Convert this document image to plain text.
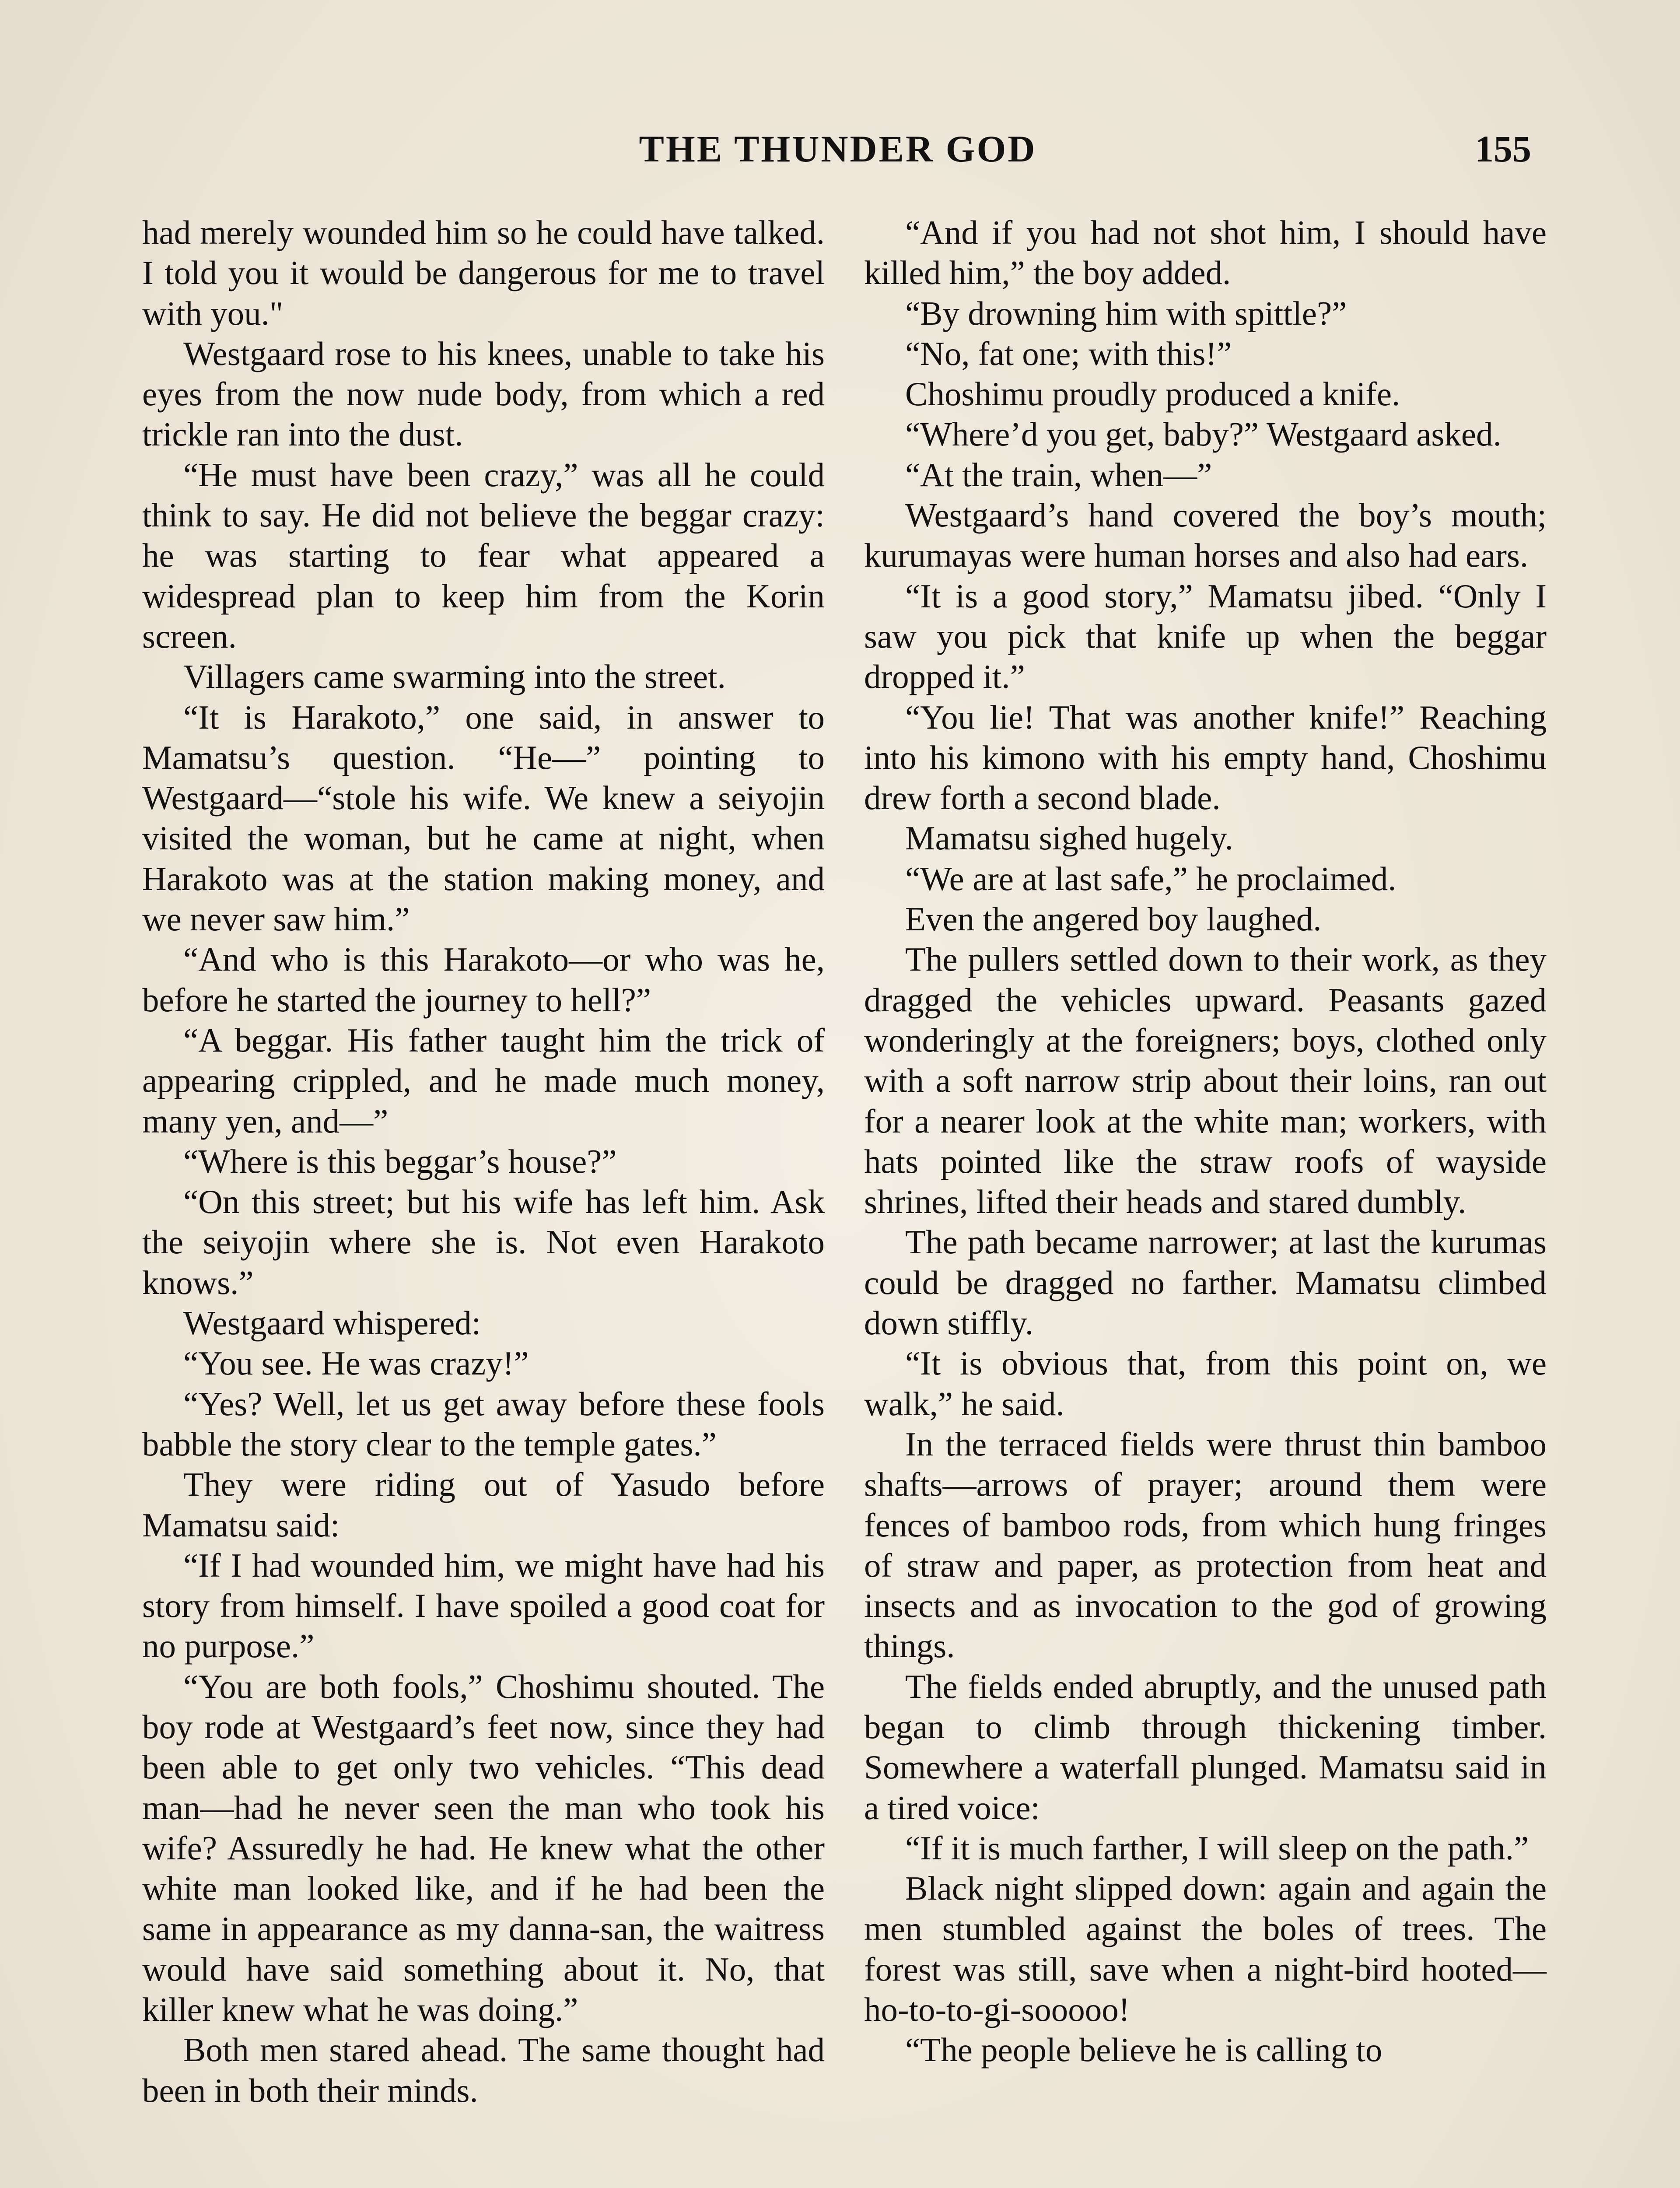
THE THUNDER GOD	155

had merely wounded him so he could have talked. I told you it would be dangerous for me to travel with you."

Westgaard rose to his knees, unable to take his eyes from the now nude body, from which a red trickle ran into the dust.

“He must have been crazy,” was all he could think to say. He did not believe the beggar crazy: he was starting to fear what appeared a widespread plan to keep him from the Korin screen.

Villagers came swarming into the street.

“It is Harakoto,” one said, in answer to Mamatsu’s question. “He—” pointing to Westgaard—“stole his wife. We knew a seiyojin visited the woman, but he came at night, when Harakoto was at the station making money, and we never saw him.”

“And who is this Harakoto—or who was he, before he started the journey to hell?”

“A beggar. His father taught him the trick of appearing crippled, and he made much money, many yen, and—”

“Where is this beggar’s house?”

“On this street; but his wife has left him. Ask the seiyojin where she is. Not even Harakoto knows.”

Westgaard whispered:

“You see. He was crazy!”

“Yes? Well, let us get away before these fools babble the story clear to the temple gates.”

They were riding out of Yasudo before Mamatsu said:

“If I had wounded him, we might have had his story from himself. I have spoiled a good coat for no purpose.”

“You are both fools,” Choshimu shouted. The boy rode at Westgaard’s feet now, since they had been able to get only two vehicles. “This dead man—had he never seen the man who took his wife? Assuredly he had. He knew what the other white man looked like, and if he had been the same in appearance as my danna-san, the waitress would have said something about it. No, that killer knew what he was doing.”

Both men stared ahead. The same thought had been in both their minds.

“And if you had not shot him, I should have killed him,” the boy added.

“By drowning him with spittle?”

“No, fat one; with this!”

Choshimu proudly produced a knife.

“Where’d you get, baby?” Westgaard asked.

“At the train, when—”

Westgaard’s hand covered the boy’s mouth; kurumayas were human horses and also had ears.

“It is a good story,” Mamatsu jibed. “Only I saw you pick that knife up when the beggar dropped it.”

“You lie! That was another knife!” Reaching into his kimono with his empty hand, Choshimu drew forth a second blade.

Mamatsu sighed hugely.

“We are at last safe,” he proclaimed.

Even the angered boy laughed.

The pullers settled down to their work, as they dragged the vehicles upward. Peasants gazed wonderingly at the foreigners; boys, clothed only with a soft narrow strip about their loins, ran out for a nearer look at the white man; workers, with hats pointed like the straw roofs of wayside shrines, lifted their heads and stared dumbly.

The path became narrower; at last the kurumas could be dragged no farther. Mamatsu climbed down stiffly.

“It is obvious that, from this point on, we walk,” he said.

In the terraced fields were thrust thin bamboo shafts—arrows of prayer; around them were fences of bamboo rods, from which hung fringes of straw and paper, as protection from heat and insects and as invocation to the god of growing things.

The fields ended abruptly, and the unused path began to climb through thickening timber. Somewhere a waterfall plunged. Mamatsu said in a tired voice:

“If it is much farther, I will sleep on the path.”

Black night slipped down: again and again the men stumbled against the boles of trees. The forest was still, save when a night-bird hooted—ho-to-to-gi-sooooo!

“The people believe he is calling to
